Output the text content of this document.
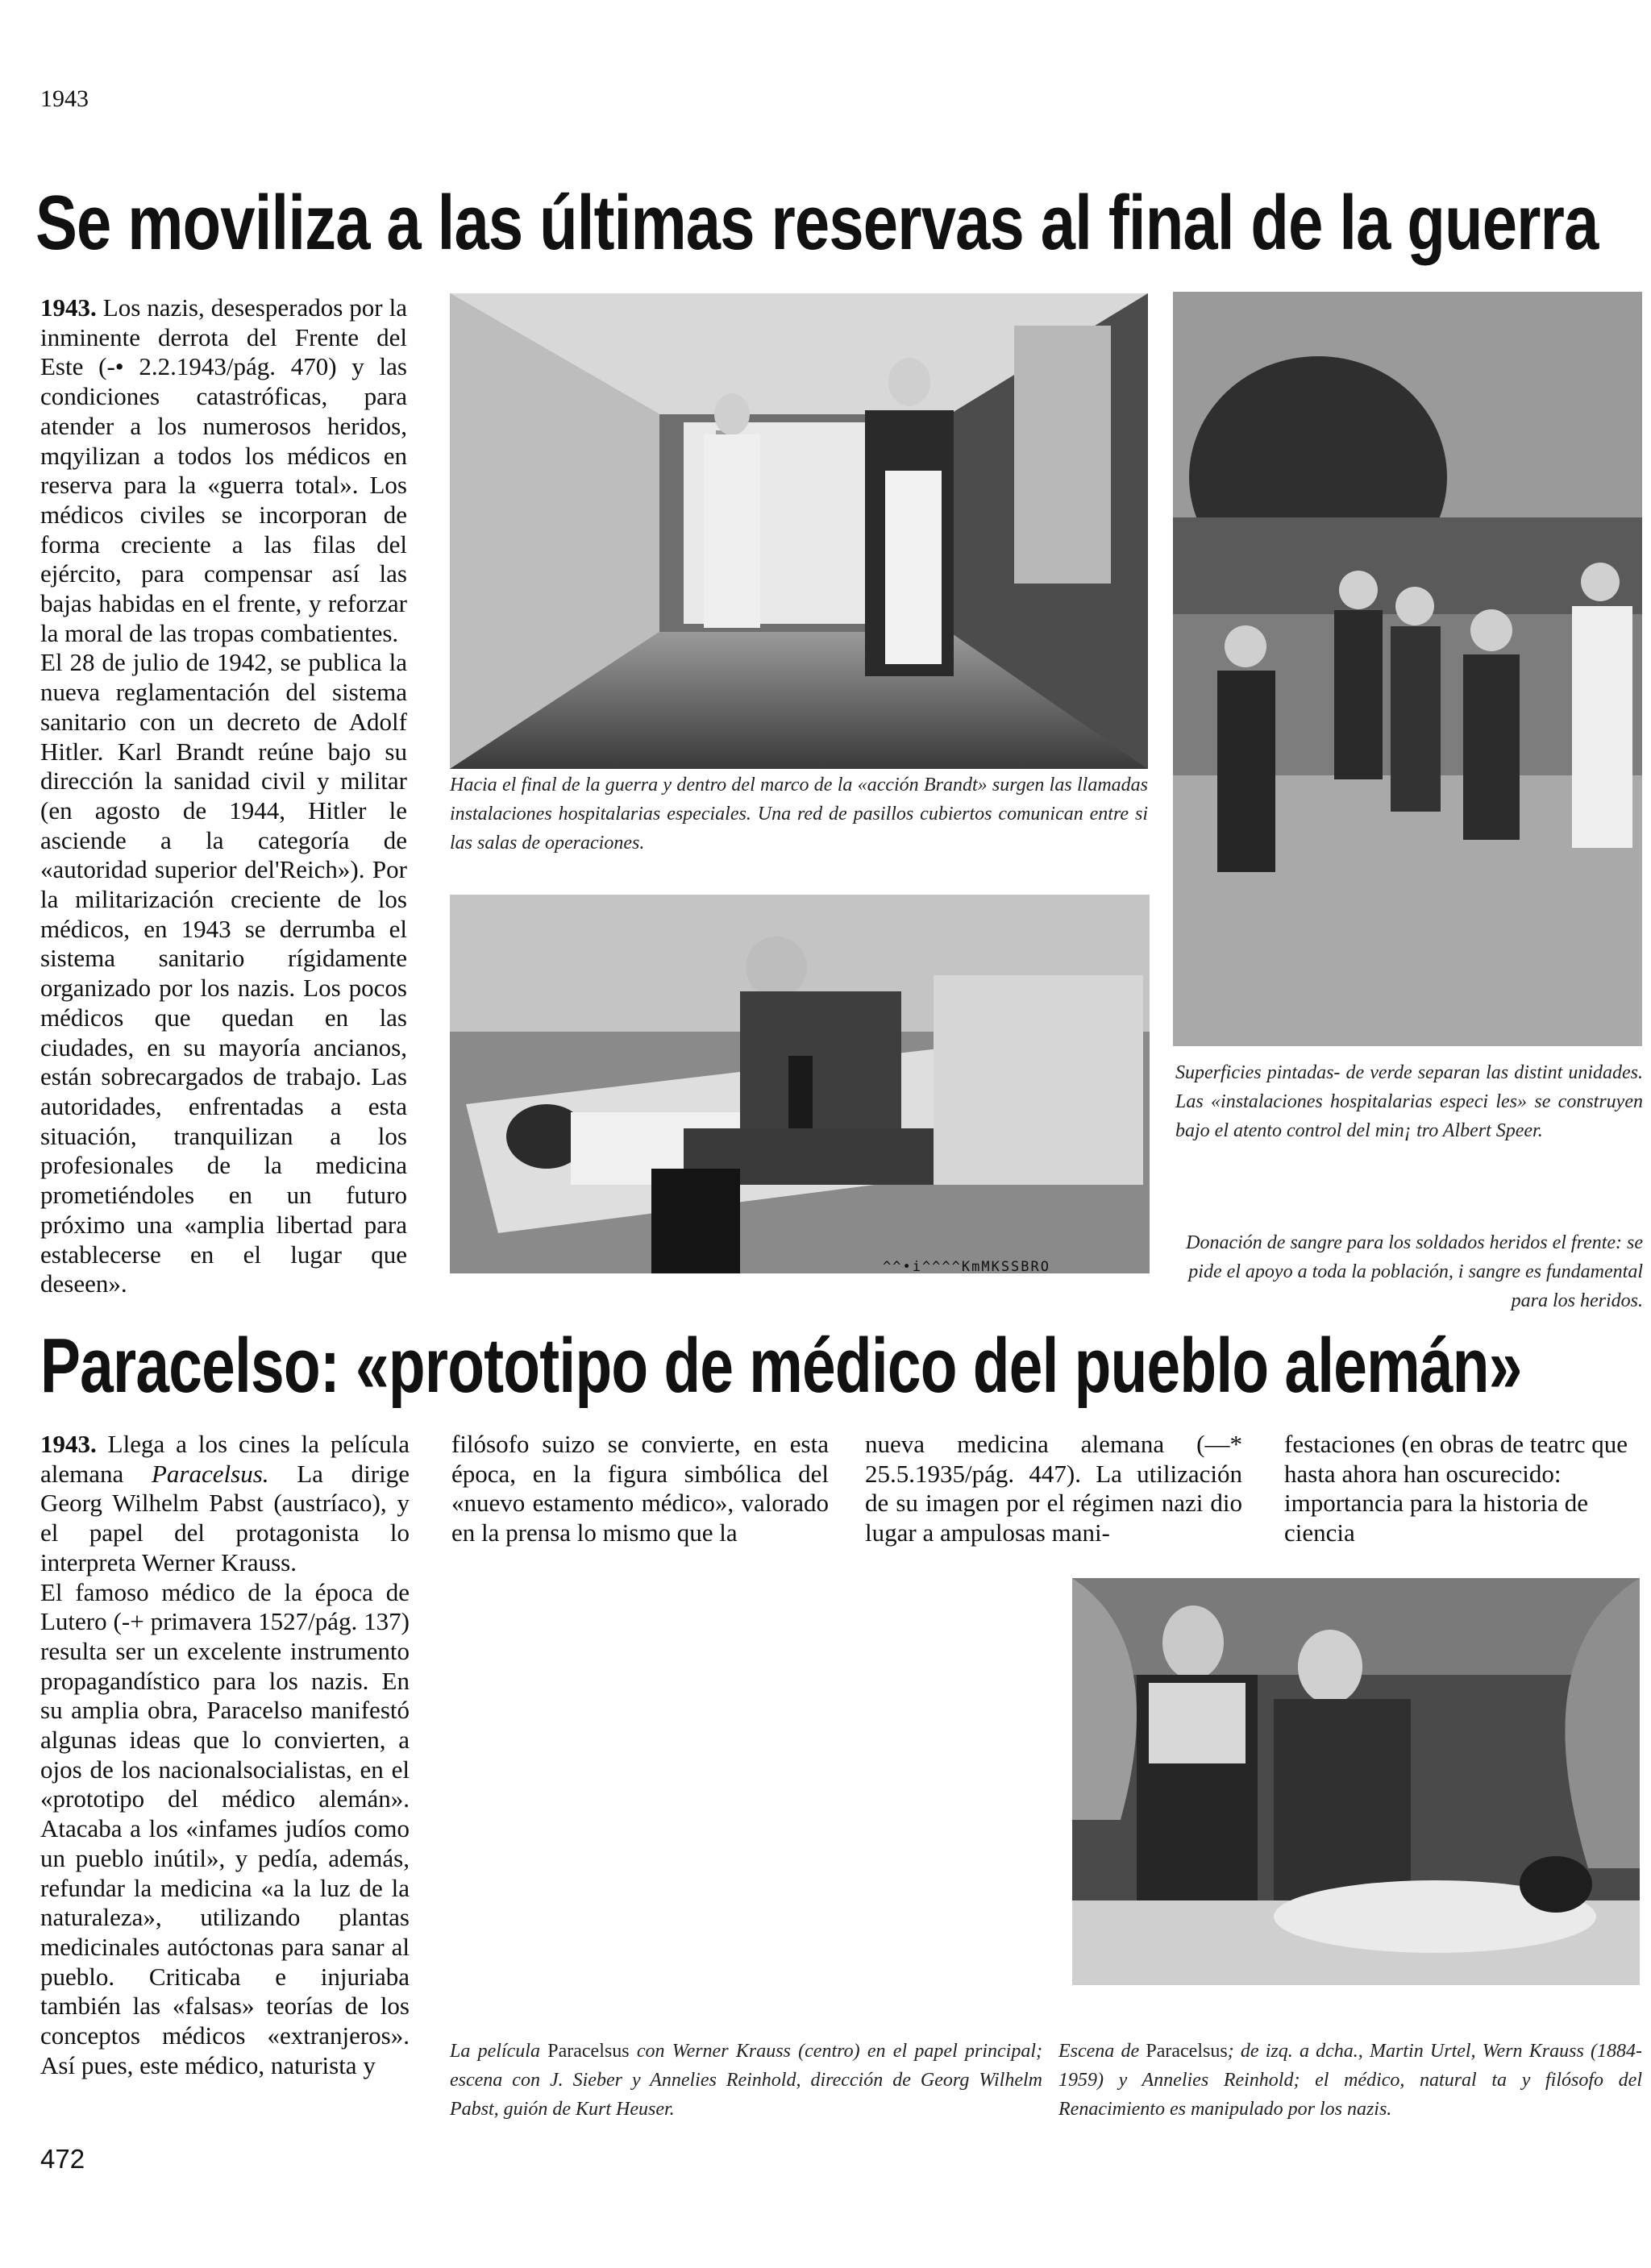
1943
Se moviliza a las últimas reservas al final de la guerra

1943. Los nazis, desesperados por la inminente derrota del Frente del Este (-• 2.2.1943/pág. 470) y las condiciones catastróficas, para atender a los numerosos heridos, mqyilizan a todos los médicos en reserva para la «guerra total». Los médicos civiles se incorporan de forma creciente a las filas del ejército, para compensar así las bajas habidas en el frente, y reforzar la moral de las tropas combatientes.

El 28 de julio de 1942, se publica la nueva reglamentación del sistema sanitario con un decreto de Adolf Hitler. Karl Brandt reúne bajo su dirección la sanidad civil y militar (en agosto de 1944, Hitler le asciende a la categoría de «autoridad superior del'Reich»). Por la militarización creciente de los médicos, en 1943 se derrumba el sistema sanitario rígidamente organizado por los nazis. Los pocos médicos que quedan en las ciudades, en su mayoría ancianos, están sobrecargados de trabajo. Las autoridades, enfrentadas a esta situación, tranquilizan a los profesionales de la medicina prometiéndoles en un futuro próximo una «amplia libertad para establecerse en el lugar que deseen».

Hacia el final de la guerra y dentro del marco de la «acción Brandt» surgen las llamadas instalaciones hospitalarias especiales. Una red de pasillos cubiertos comunican entre si las salas de operaciones.
Superficies pintadas- de verde separan las distint unidades. Las «instalaciones hospitalarias especi les» se construyen bajo el atento control del min¡ tro Albert Speer.
^^•i^^^^KmMKSSBRO
Donación de sangre para los soldados heridos el frente: se pide el apoyo a toda la población, i sangre es fundamental para los heridos.
Paracelso: «prototipo de médico del pueblo alemán»

1943. Llega a los cines la película alemana Paracelsus. La dirige Georg Wilhelm Pabst (austríaco), y el papel del protagonista lo interpreta Werner Krauss.

El famoso médico de la época de Lutero (-+ primavera 1527/pág. 137) resulta ser un excelente instrumento propagandístico para los nazis. En su amplia obra, Paracelso manifestó algunas ideas que lo convierten, a ojos de los nacionalsocialistas, en el «prototipo del médico alemán». Atacaba a los «infames judíos como un pueblo inútil», y pedía, además, refundar la medicina «a la luz de la naturaleza», utilizando plantas medicinales autóctonas para sanar al pueblo. Criticaba e injuriaba también las «falsas» teorías de los conceptos médicos «extranjeros». Así pues, este médico, naturista y

filósofo suizo se convierte, en esta época, en la figura simbólica del «nuevo estamento médico», valorado en la prensa lo mismo que la
nueva medicina alemana (—* 25.5.1935/pág. 447). La utilización de su imagen por el régimen nazi dio lugar a ampulosas mani-
festaciones (en obras de teatrc que hasta ahora han oscurecido: importancia para la historia de ciencia
La película Paracelsus con Werner Krauss (centro) en el papel principal; escena con J. Sieber y Annelies Reinhold, dirección de Georg Wilhelm Pabst, guión de Kurt Heuser.
Escena de Paracelsus; de izq. a dcha., Martin Urtel, Wern Krauss (1884-1959) y Annelies Reinhold; el médico, natural ta y filósofo del Renacimiento es manipulado por los nazis.
472
